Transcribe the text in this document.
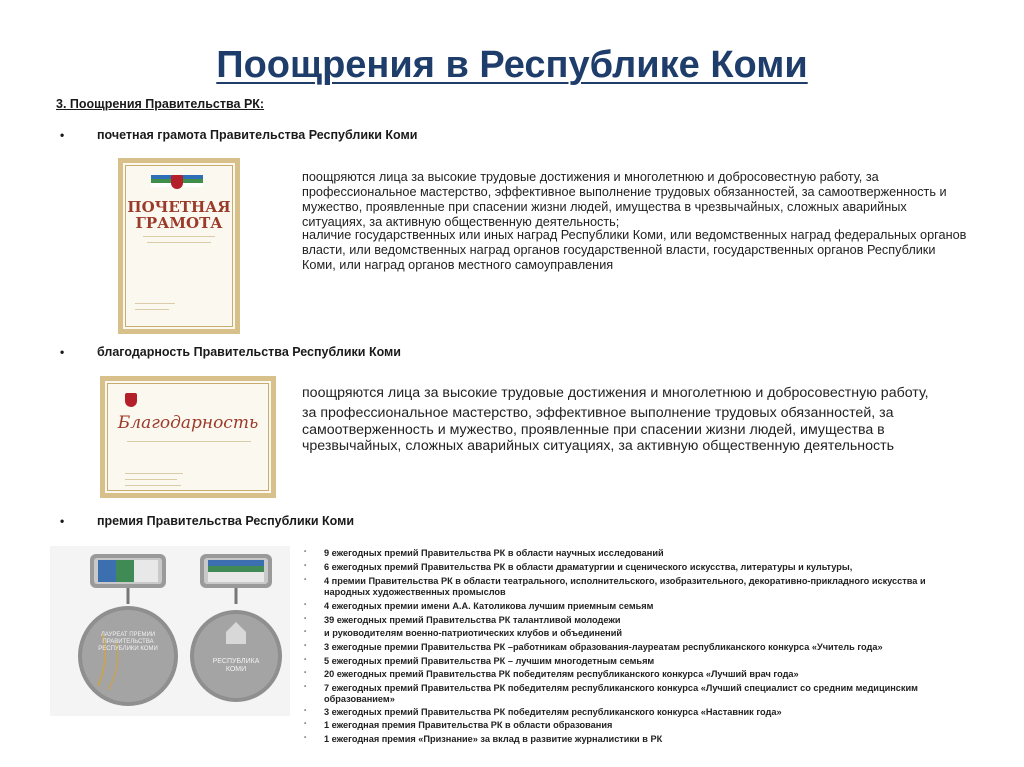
Поощрения в Республике Коми
3. Поощрения Правительства РК:
•	почетная грамота Правительства Республики Коми
ПОЧЕТНАЯ ГРАМОТА
поощряются лица за высокие трудовые достижения и многолетнюю и добросовестную работу, за профессиональное мастерство, эффективное выполнение трудовых обязанностей, за самоотверженность и мужество, проявленные при спасении жизни людей, имущества в чрезвычайных, сложных аварийных ситуациях, за активную общественную деятельность;
наличие государственных или иных наград Республики Коми, или ведомственных наград федеральных органов власти, или ведомственных наград органов государственной власти, государственных органов Республики Коми, или наград органов местного самоуправления
•	благодарность Правительства Республики Коми
Благодарность
поощряются лица за высокие трудовые достижения и многолетнюю и добросовестную работу,
за профессиональное мастерство, эффективное выполнение трудовых обязанностей, за самоотверженность и мужество, проявленные при спасении жизни людей, имущества в чрезвычайных, сложных аварийных ситуациях, за активную общественную деятельность
•	премия Правительства Республики Коми
ЛАУРЕАТ ПРЕМИИ ПРАВИТЕЛЬСТВА РЕСПУБЛИКИ КОМИ
РЕСПУБЛИКА КОМИ
- 9 ежегодных премий Правительства РК в области научных исследований
- 6 ежегодных премий Правительства РК в области драматургии и сценического искусства, литературы и культуры,
- 4 премии Правительства РК в области театрального, исполнительского, изобразительного, декоративно-прикладного искусства и народных художественных промыслов
- 4 ежегодных премии имени А.А. Католикова лучшим приемным семьям
- 39 ежегодных премий Правительства РК талантливой молодежи
- и руководителям военно-патриотических клубов и объединений
- 3 ежегодные премии Правительства РК –работникам образования-лауреатам республиканского конкурса «Учитель года»
- 5 ежегодных премий Правительства РК – лучшим многодетным семьям
- 20 ежегодных премий Правительства РК победителям республиканского конкурса «Лучший врач года»
- 7 ежегодных премий Правительства РК победителям республиканского конкурса «Лучший специалист со средним медицинским образованием»
- 3 ежегодных премий Правительства РК победителям республиканского конкурса «Наставник года»
- 1 ежегодная премия Правительства РК в области образования
- 1 ежегодная премия «Признание» за вклад в развитие журналистики в РК
